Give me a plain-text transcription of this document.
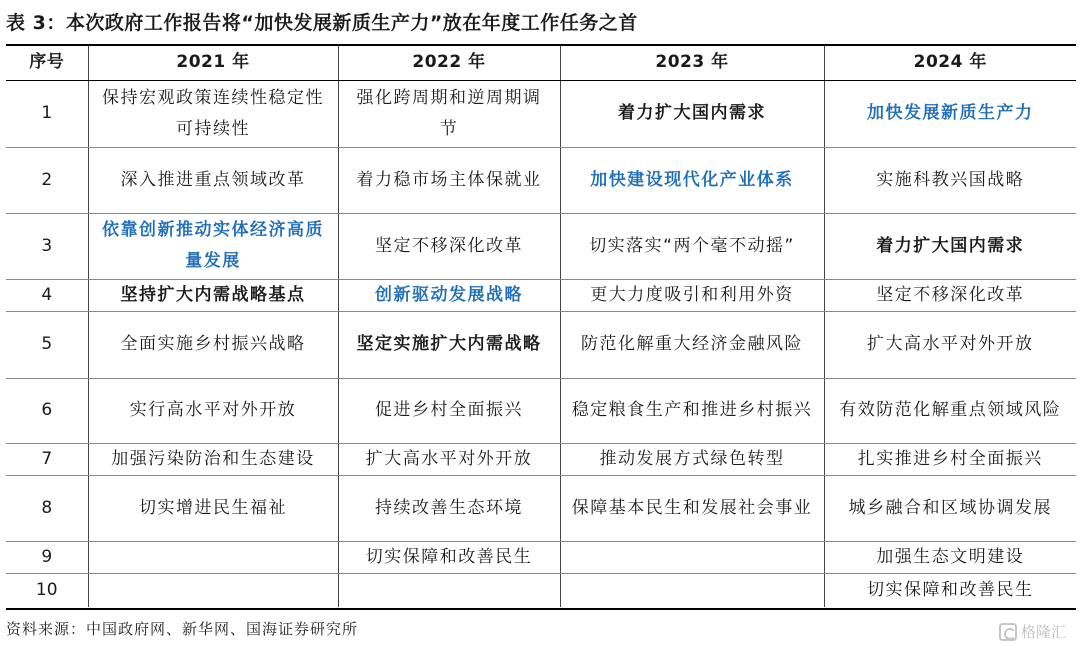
表 3：本次政府工作报告将“加快发展新质生产力”放在年度工作任务之首
序号	2021 年	2022 年	2023 年	2024 年
1	保持宏观政策连续性稳定性可持续性	强化跨周期和逆周期调节	着力扩大国内需求	加快发展新质生产力
2	深入推进重点领域改革	着力稳市场主体保就业	加快建设现代化产业体系	实施科教兴国战略
3	依靠创新推动实体经济高质量发展	坚定不移深化改革	切实落实“两个毫不动摇”	着力扩大国内需求
4	坚持扩大内需战略基点	创新驱动发展战略	更大力度吸引和利用外资	坚定不移深化改革
5	全面实施乡村振兴战略	坚定实施扩大内需战略	防范化解重大经济金融风险	扩大高水平对外开放
6	实行高水平对外开放	促进乡村全面振兴	稳定粮食生产和推进乡村振兴	有效防范化解重点领域风险
7	加强污染防治和生态建设	扩大高水平对外开放	推动发展方式绿色转型	扎实推进乡村全面振兴
8	切实增进民生福祉	持续改善生态环境	保障基本民生和发展社会事业	城乡融合和区域协调发展
9		切实保障和改善民生		加强生态文明建设
10				切实保障和改善民生
资料来源：中国政府网、新华网、国海证券研究所	格隆汇
